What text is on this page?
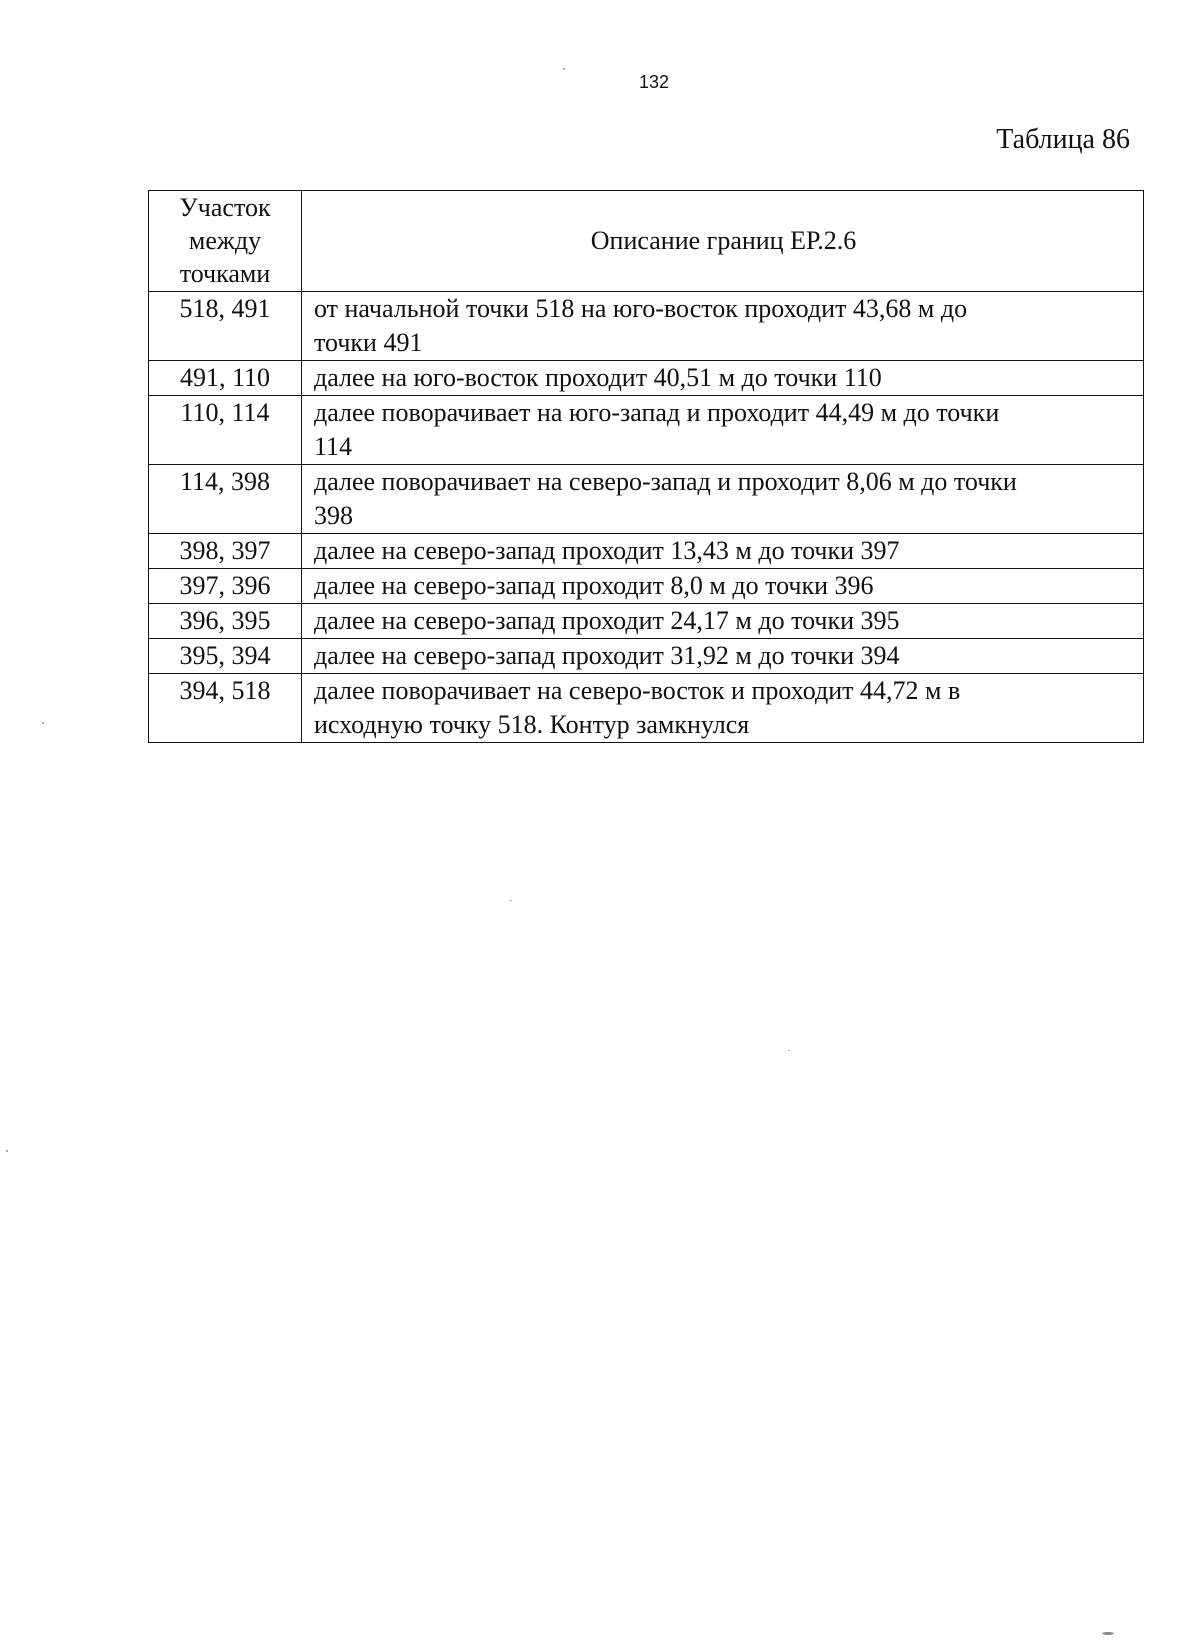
132
Таблица 86
Участок между точками	Описание границ ЕР.2.6
518, 491	от начальной точки 518 на юго-восток проходит 43,68 м до точки 491

491, 110	далее на юго-восток проходит 40,51 м до точки 110

110, 114	далее поворачивает на юго-запад и проходит 44,49 м до точки 114

114, 398	далее поворачивает на северо-запад и проходит 8,06 м до точки 398

398, 397	далее на северо-запад проходит 13,43 м до точки 397

397, 396	далее на северо-запад проходит 8,0 м до точки 396

396, 395	далее на северо-запад проходит 24,17 м до точки 395

395, 394	далее на северо-запад проходит 31,92 м до точки 394

394, 518	далее поворачивает на северо-восток и проходит 44,72 м в исходную точку 518. Контур замкнулся
